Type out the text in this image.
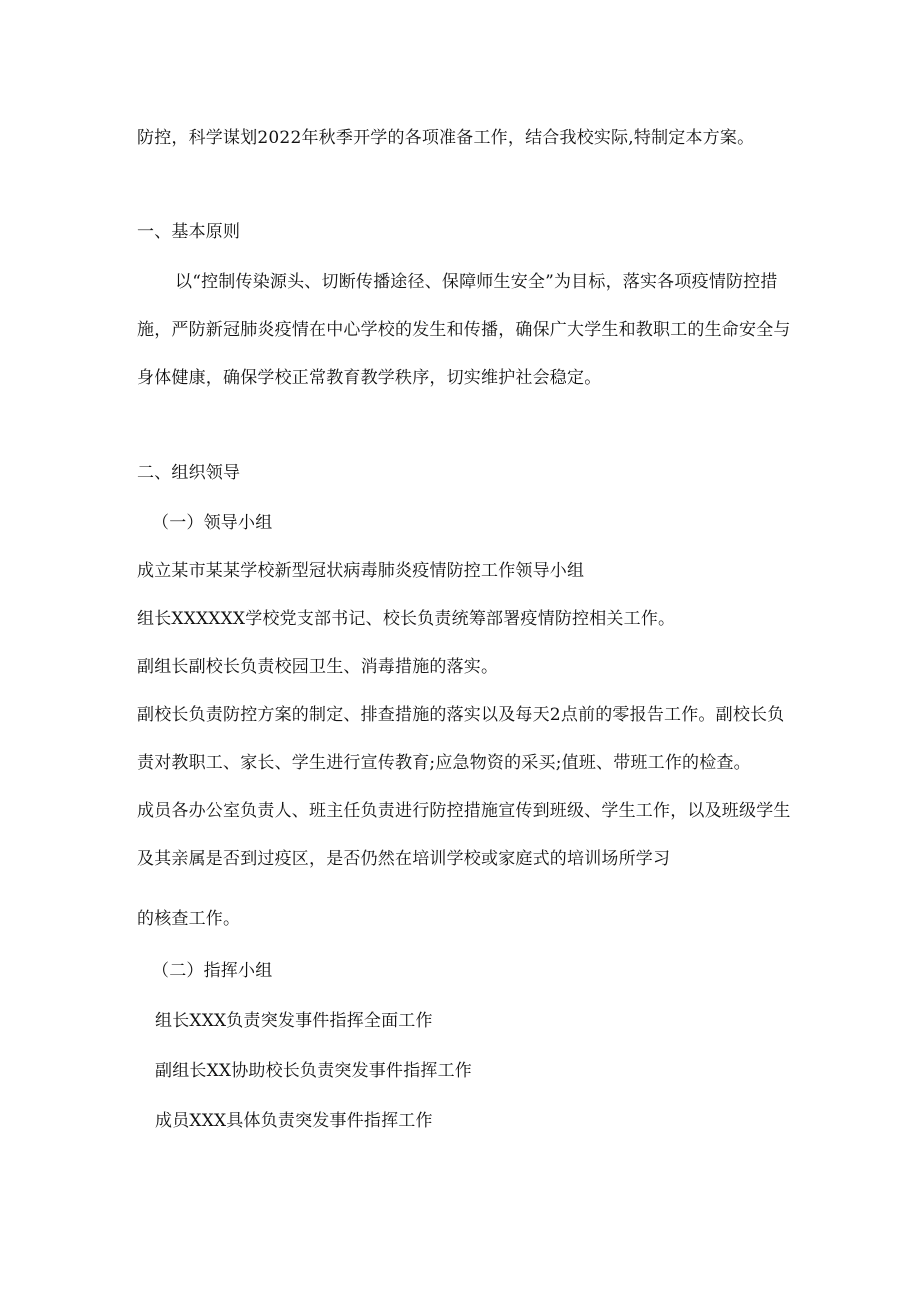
防控，科学谋划2022年秋季开学的各项准备工作，结合我校实际,特制定本方案。
一、基本原则
以“控制传染源头、切断传播途径、保障师生安全”为目标，落实各项疫情防控措
施，严防新冠肺炎疫情在中心学校的发生和传播，确保广大学生和教职工的生命安全与
身体健康，确保学校正常教育教学秩序，切实维护社会稳定。
二、组织领导
（一）领导小组
成立某市某某学校新型冠状病毒肺炎疫情防控工作领导小组
组长XXXXXX学校党支部书记、校长负责统筹部署疫情防控相关工作。
副组长副校长负责校园卫生、消毒措施的落实。
副校长负责防控方案的制定、排查措施的落实以及每天2点前的零报告工作。副校长负
责对教职工、家长、学生进行宣传教育;应急物资的采买;值班、带班工作的检查。
成员各办公室负责人、班主任负责进行防控措施宣传到班级、学生工作，以及班级学生
及其亲属是否到过疫区，是否仍然在培训学校或家庭式的培训场所学习
的核查工作。
（二）指挥小组
组长XXX负责突发事件指挥全面工作
副组长XX协助校长负责突发事件指挥工作
成员XXX具体负责突发事件指挥工作
